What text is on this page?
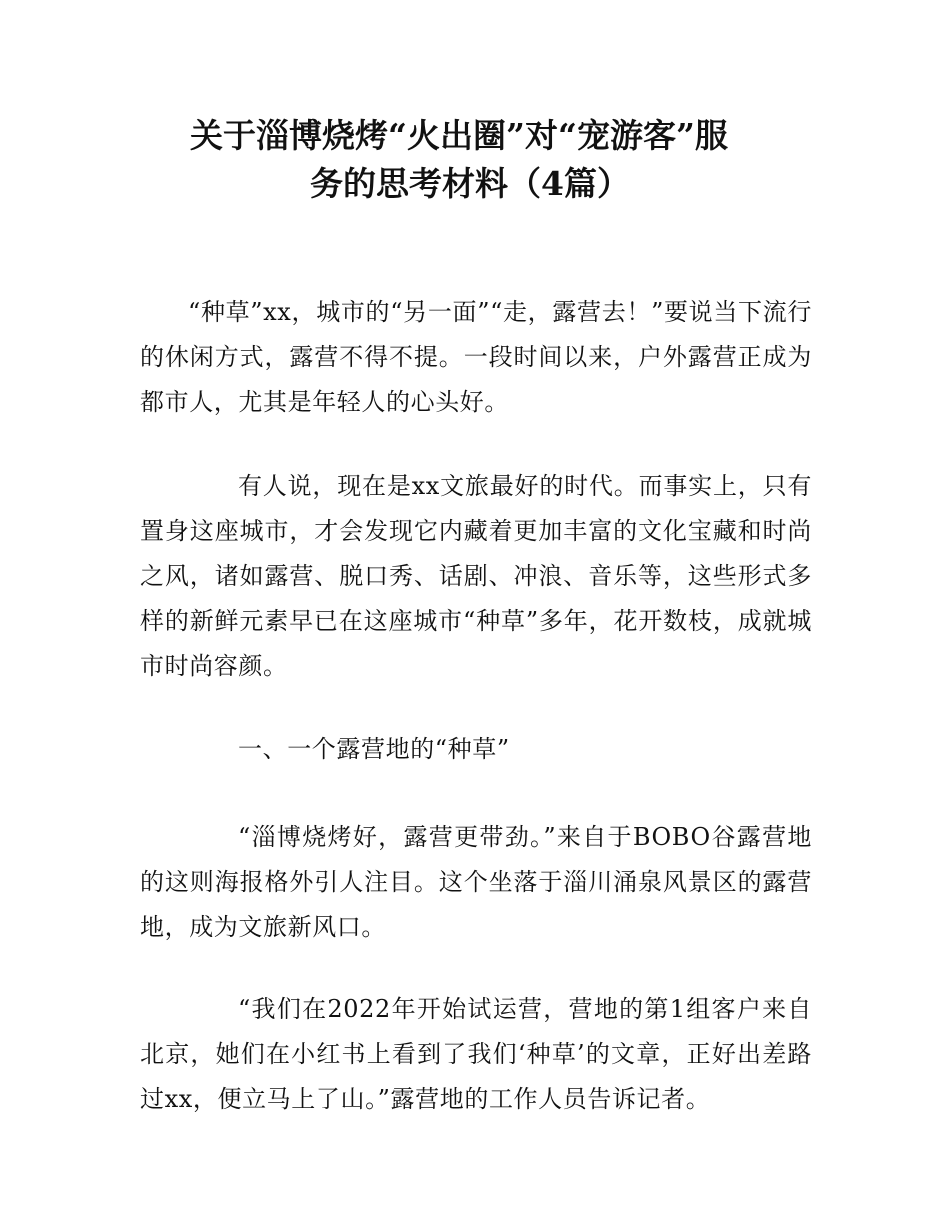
关于淄博烧烤“火出圈”对“宠游客”服
务的思考材料（4篇）

“种草”xx，城市的“另一面”“走，露营去！”要说当下流行的休闲方式，露营不得不提。一段时间以来，户外露营正成为都市人，尤其是年轻人的心头好。

有人说，现在是xx文旅最好的时代。而事实上，只有置身这座城市，才会发现它内藏着更加丰富的文化宝藏和时尚之风，诸如露营、脱口秀、话剧、冲浪、音乐等，这些形式多样的新鲜元素早已在这座城市“种草”多年，花开数枝，成就城市时尚容颜。

一、一个露营地的“种草”

“淄博烧烤好，露营更带劲。”来自于BOBO谷露营地的这则海报格外引人注目。这个坐落于淄川涌泉风景区的露营地，成为文旅新风口。

“我们在2022年开始试运营，营地的第1组客户来自北京，她们在小红书上看到了我们‘种草’的文章，正好出差路过xx，便立马上了山。”露营地的工作人员告诉记者。
